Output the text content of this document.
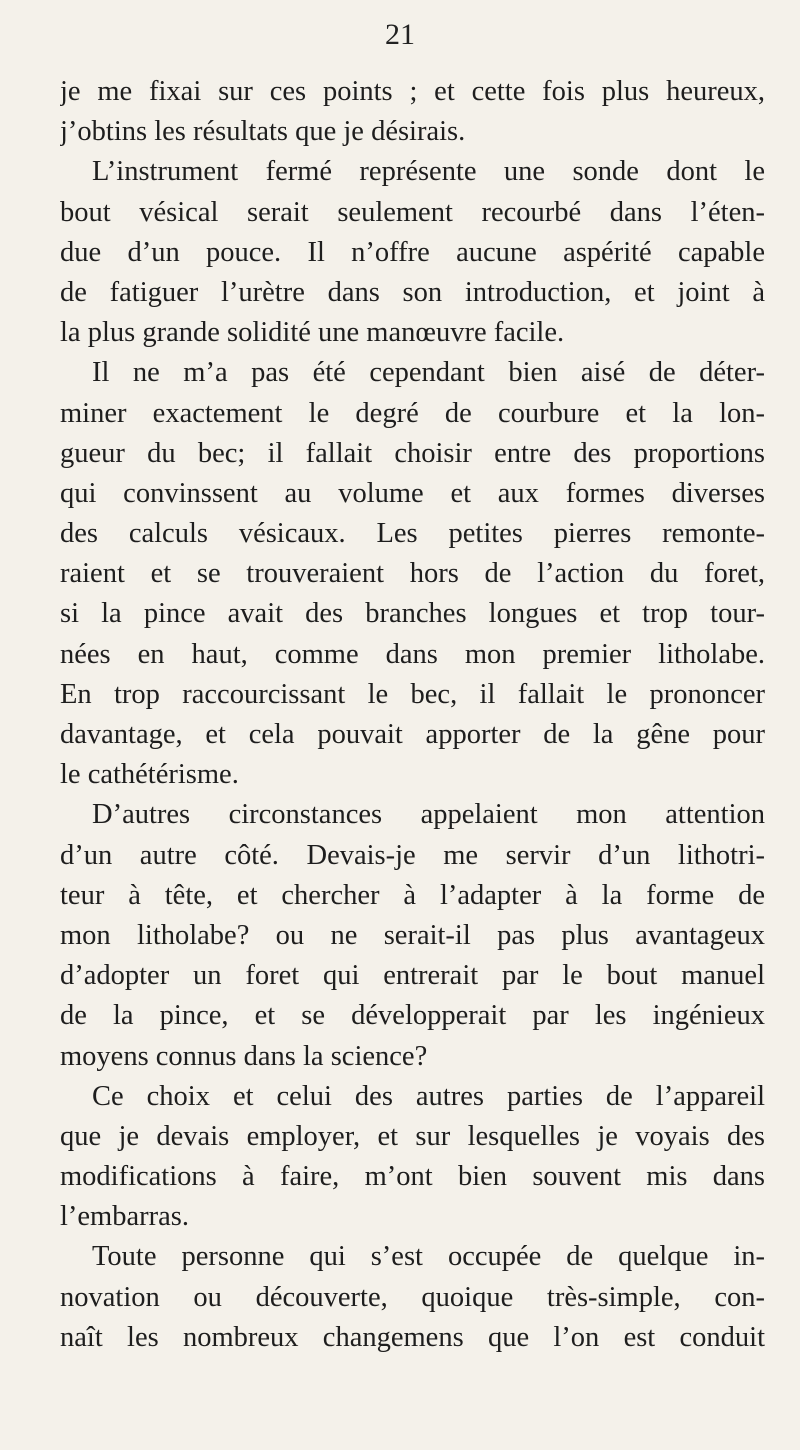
21
je me fixai sur ces points ; et cette fois plus heureux,
j’obtins les résultats que je désirais.
L’instrument fermé représente une sonde dont le
bout vésical serait seulement recourbé dans l’éten-
due d’un pouce. Il n’offre aucune aspérité capable
de fatiguer l’urètre dans son introduction, et joint à
la plus grande solidité une manœuvre facile.
Il ne m’a pas été cependant bien aisé de déter-
miner exactement le degré de courbure et la lon-
gueur du bec; il fallait choisir entre des proportions
qui convinssent au volume et aux formes diverses
des calculs vésicaux. Les petites pierres remonte-
raient et se trouveraient hors de l’action du foret,
si la pince avait des branches longues et trop tour-
nées en haut, comme dans mon premier litholabe.
En trop raccourcissant le bec, il fallait le prononcer
davantage, et cela pouvait apporter de la gêne pour
le cathétérisme.
D’autres circonstances appelaient mon attention
d’un autre côté. Devais-je me servir d’un lithotri-
teur à tête, et chercher à l’adapter à la forme de
mon litholabe? ou ne serait-il pas plus avantageux
d’adopter un foret qui entrerait par le bout manuel
de la pince, et se développerait par les ingénieux
moyens connus dans la science?
Ce choix et celui des autres parties de l’appareil
que je devais employer, et sur lesquelles je voyais des
modifications à faire, m’ont bien souvent mis dans
l’embarras.
Toute personne qui s’est occupée de quelque in-
novation ou découverte, quoique très-simple, con-
naît les nombreux changemens que l’on est conduit
